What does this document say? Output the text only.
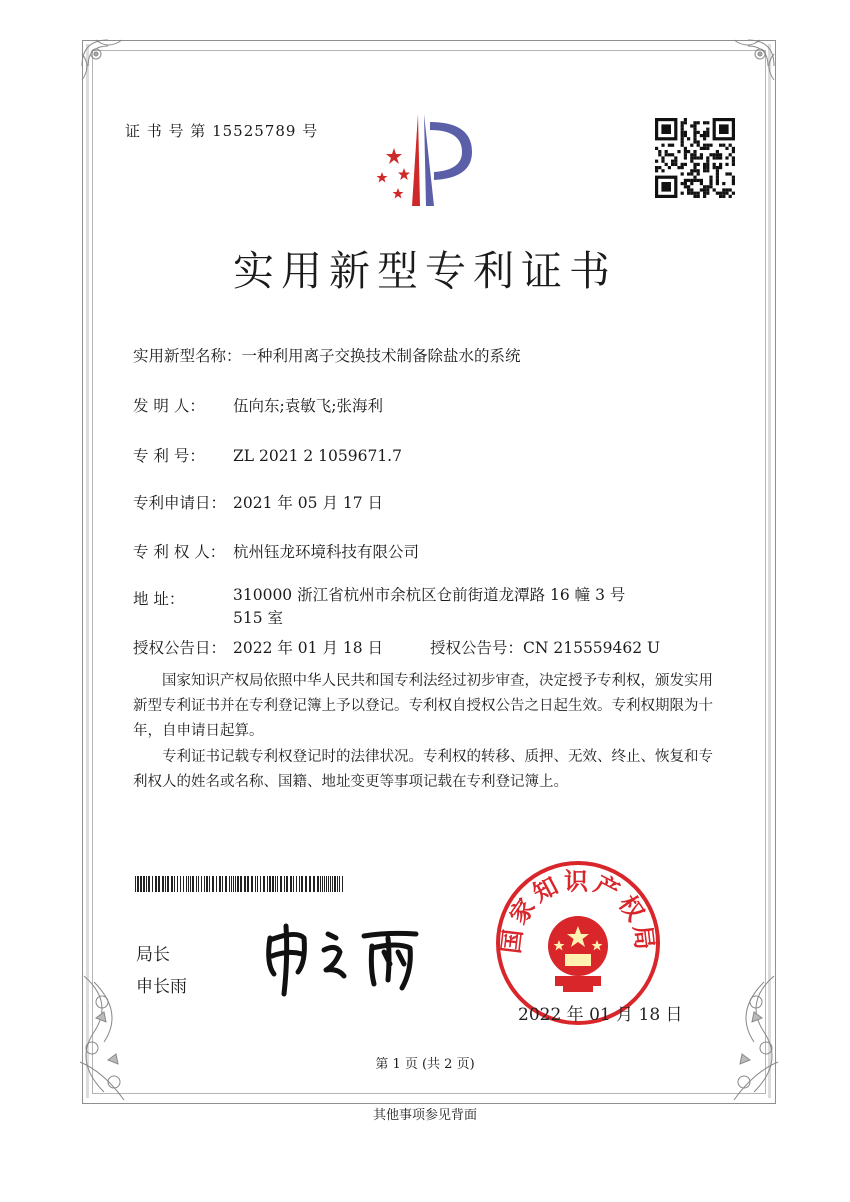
证 书 号 第 15525789 号
实用新型专利证书
实用新型名称：一种利用离子交换技术制备除盐水的系统
发 明 人： 伍向东;袁敏飞;张海利
专 利 号： ZL 2021 2 1059671.7
专利申请日： 2021 年 05 月 17 日
专 利 权 人： 杭州钰龙环境科技有限公司
地 址：	310000 浙江省杭州市余杭区仓前街道龙潭路 16 幢 3 号 515 室
授权公告日： 2022 年 01 月 18 日	授权公告号：CN 215559462 U
国家知识产权局依照中华人民共和国专利法经过初步审查，决定授予专利权，颁发实用新型专利证书并在专利登记簿上予以登记。专利权自授权公告之日起生效。专利权期限为十年，自申请日起算。
专利证书记载专利权登记时的法律状况。专利权的转移、质押、无效、终止、恢复和专利权人的姓名或名称、国籍、地址变更等事项记载在专利登记簿上。
局长
申长雨
国家知识产权局
2022 年 01 月 18 日
第 1 页 (共 2 页)
其他事项参见背面
